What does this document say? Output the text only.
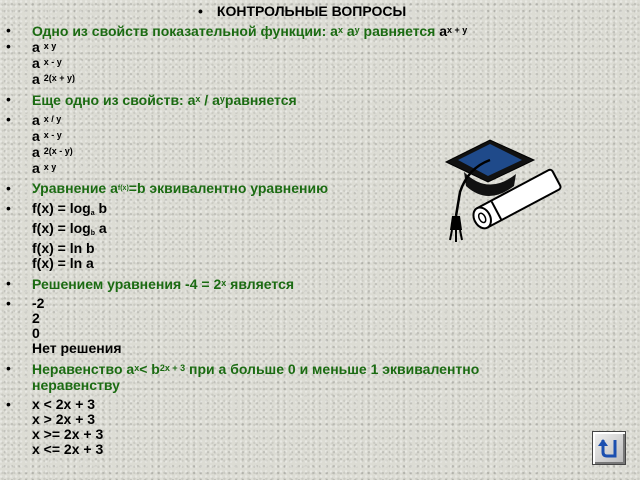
• КОНТРОЛЬНЫЕ ВОПРОСЫ
• Одно из свойств показательной функции: $a^x$ $a^y$ равняется $a^{x + y}$
• a $^{x y}$
a $^{x - y}$
a $^{2(x + y)}$
• Еще одно из свойств: $a^x$ / $a^yравняется$
• a $^{x / y}$
a $^{x - y}$
a $^{2(x - y)}$
a $^{x y}$
• Уравнение $a^{f(x)}=b$ эквивалентно уравнению
• f(x) = loga b
f(x) = logb a
f(x) = ln b
f(x) = ln a
• Решением уравнения $-4 = 2^x$ является
• -2
2
0
Нет решения
• Неравенство $a^x< b^{2x + 3}$ при a больше 0 и меньше 1 эквивалентно неравенству
• x < 2x + 3
x > 2x + 3
x >= 2x + 3
x <= 2x + 3
